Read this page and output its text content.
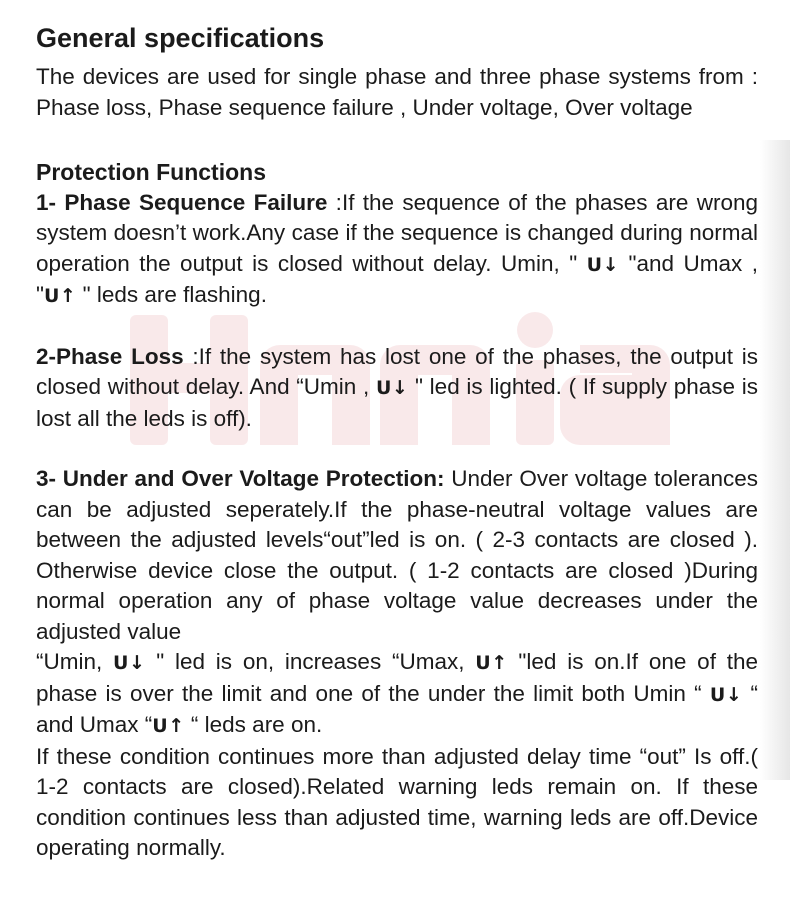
General specifications

The devices are used for single phase and three phase systems from : Phase loss, Phase sequence failure , Under voltage, Over voltage

Protection Functions

1- Phase Sequence Failure :If the sequence of the phases are wrong system doesn’t work.Any case if the sequence is changed during normal operation the output is closed without delay. Umin, " U↓ "and Umax , "U↑ " leds are flashing.

2-Phase Loss :If the system has lost one of the phases, the output is closed without delay. And “Umin , U↓ " led is lighted. ( If supply phase is lost all the leds is off).

3- Under and Over Voltage Protection: Under Over voltage tolerances can be adjusted seperately.If the phase-neutral voltage values are between the adjusted levels“out”led is on. ( 2-3 contacts are closed ). Otherwise device close the output. ( 1-2 contacts are closed )During normal operation any of phase voltage value decreases under the adjusted value

“Umin, U↓ " led is on, increases “Umax, U↑ "led is on.If one of the phase is over the limit and one of the under the limit both Umin “ U↓ “ and Umax “U↑ “ leds are on.

If these condition continues more than adjusted delay time “out” Is off.( 1-2 contacts are closed).Related warning leds remain on. If these condition continues less than adjusted time, warning leds are off.Device operating normally.
